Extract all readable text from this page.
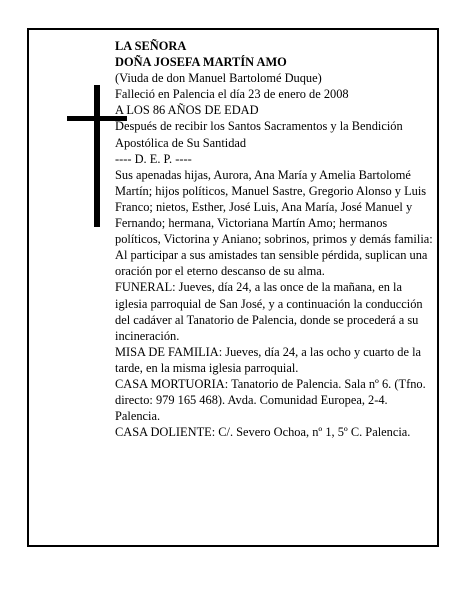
LA SEÑORA

DOÑA JOSEFA MARTÍN AMO

(Viuda de don Manuel Bartolomé Duque)

Falleció en Palencia el día 23 de enero de 2008

A LOS 86 AÑOS DE EDAD

Después de recibir los Santos Sacramentos y la Bendición Apostólica de Su Santidad

---- D. E. P. ----

Sus apenadas hijas, Aurora, Ana María y Amelia Bartolomé Martín; hijos políticos, Manuel Sastre, Gregorio Alonso y Luis Franco; nietos, Esther, José Luis, Ana María, José Manuel y Fernando; hermana, Victoriana Martín Amo; hermanos políticos, Victorina y Aniano; sobrinos, primos y demás familia:

Al participar a sus amistades tan sensible pérdida, suplican una oración por el eterno descanso de su alma.

FUNERAL: Jueves, día 24, a las once de la mañana, en la iglesia parroquial de San José, y a continuación la conducción del cadáver al Tanatorio de Palencia, donde se procederá a su incineración.

MISA DE FAMILIA: Jueves, día 24, a las ocho y cuarto de la tarde, en la misma iglesia parroquial.

CASA MORTUORIA: Tanatorio de Palencia. Sala nº 6. (Tfno. directo: 979 165 468). Avda. Comunidad Europea, 2-4. Palencia.

CASA DOLIENTE: C/. Severo Ochoa, nº 1, 5º C. Palencia.
